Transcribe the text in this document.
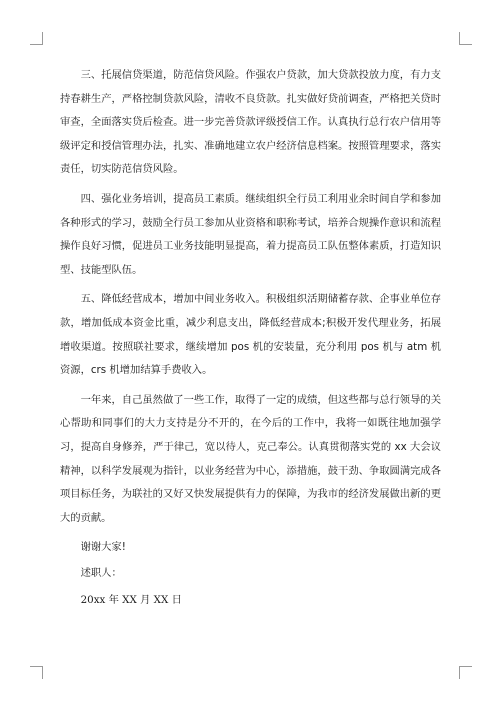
三、托展信贷渠道，防范信贷风险。作强农户贷款，加大贷款投放力度，有力支持春耕生产，严格控制贷款风险，清收不良贷款。扎实做好贷前调查，严格把关贷时审查，全面落实贷后检查。进一步完善贷款评级授信工作。认真执行总行农户信用等级评定和授信管理办法，扎实、准确地建立农户经济信息档案。按照管理要求，落实责任，切实防范信贷风险。

四、强化业务培训，提高员工素质。继续组织全行员工利用业余时间自学和参加各种形式的学习，鼓励全行员工参加从业资格和职称考试，培养合规操作意识和流程操作良好习惯，促进员工业务技能明显提高，着力提高员工队伍整体素质，打造知识型、技能型队伍。

五、降低经营成本，增加中间业务收入。积极组织活期储蓄存款、企事业单位存款，增加低成本资金比重，减少利息支出，降低经营成本;积极开发代理业务，拓展增收渠道。按照联社要求，继续增加 pos 机的安装量，充分利用 pos 机与 atm 机资源，crs 机增加结算手费收入。

一年来，自己虽然做了一些工作，取得了一定的成绩，但这些都与总行领导的关心帮助和同事们的大力支持是分不开的，在今后的工作中，我将一如既往地加强学习，提高自身修养，严于律己，宽以待人，克己奉公。认真贯彻落实党的 xx 大会议精神，以科学发展观为指针，以业务经营为中心，添措施，鼓干劲、争取圆满完成各项目标任务，为联社的又好又快发展提供有力的保障，为我市的经济发展做出新的更大的贡献。

谢谢大家!

述职人：

20xx 年 XX 月 XX 日
